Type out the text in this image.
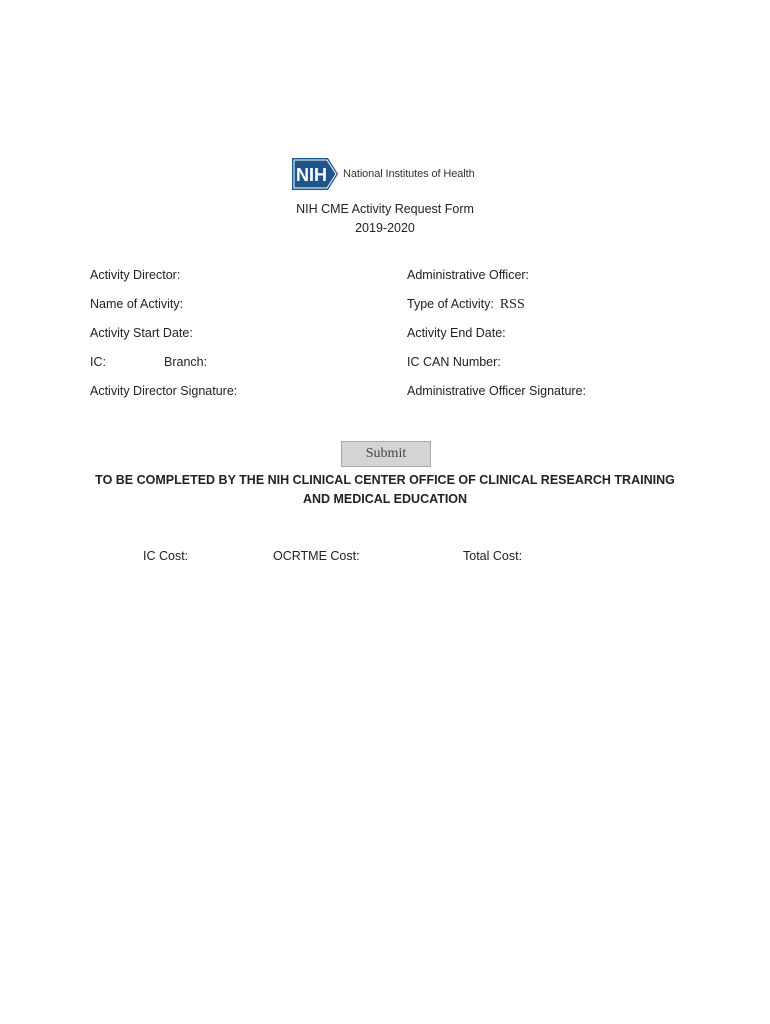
NIH National Institutes of Health
NIH CME Activity Request Form
2019-2020
Activity Director:	Administrative Officer:
Name of Activity:	Type of Activity: RSS
Activity Start Date:	Activity End Date:
IC:	Branch:	IC CAN Number:
Activity Director Signature:	Administrative Officer Signature:
Submit
TO BE COMPLETED BY THE NIH CLINICAL CENTER OFFICE OF CLINICAL RESEARCH TRAINING AND MEDICAL EDUCATION
IC Cost:	OCRTME Cost:	Total Cost:
